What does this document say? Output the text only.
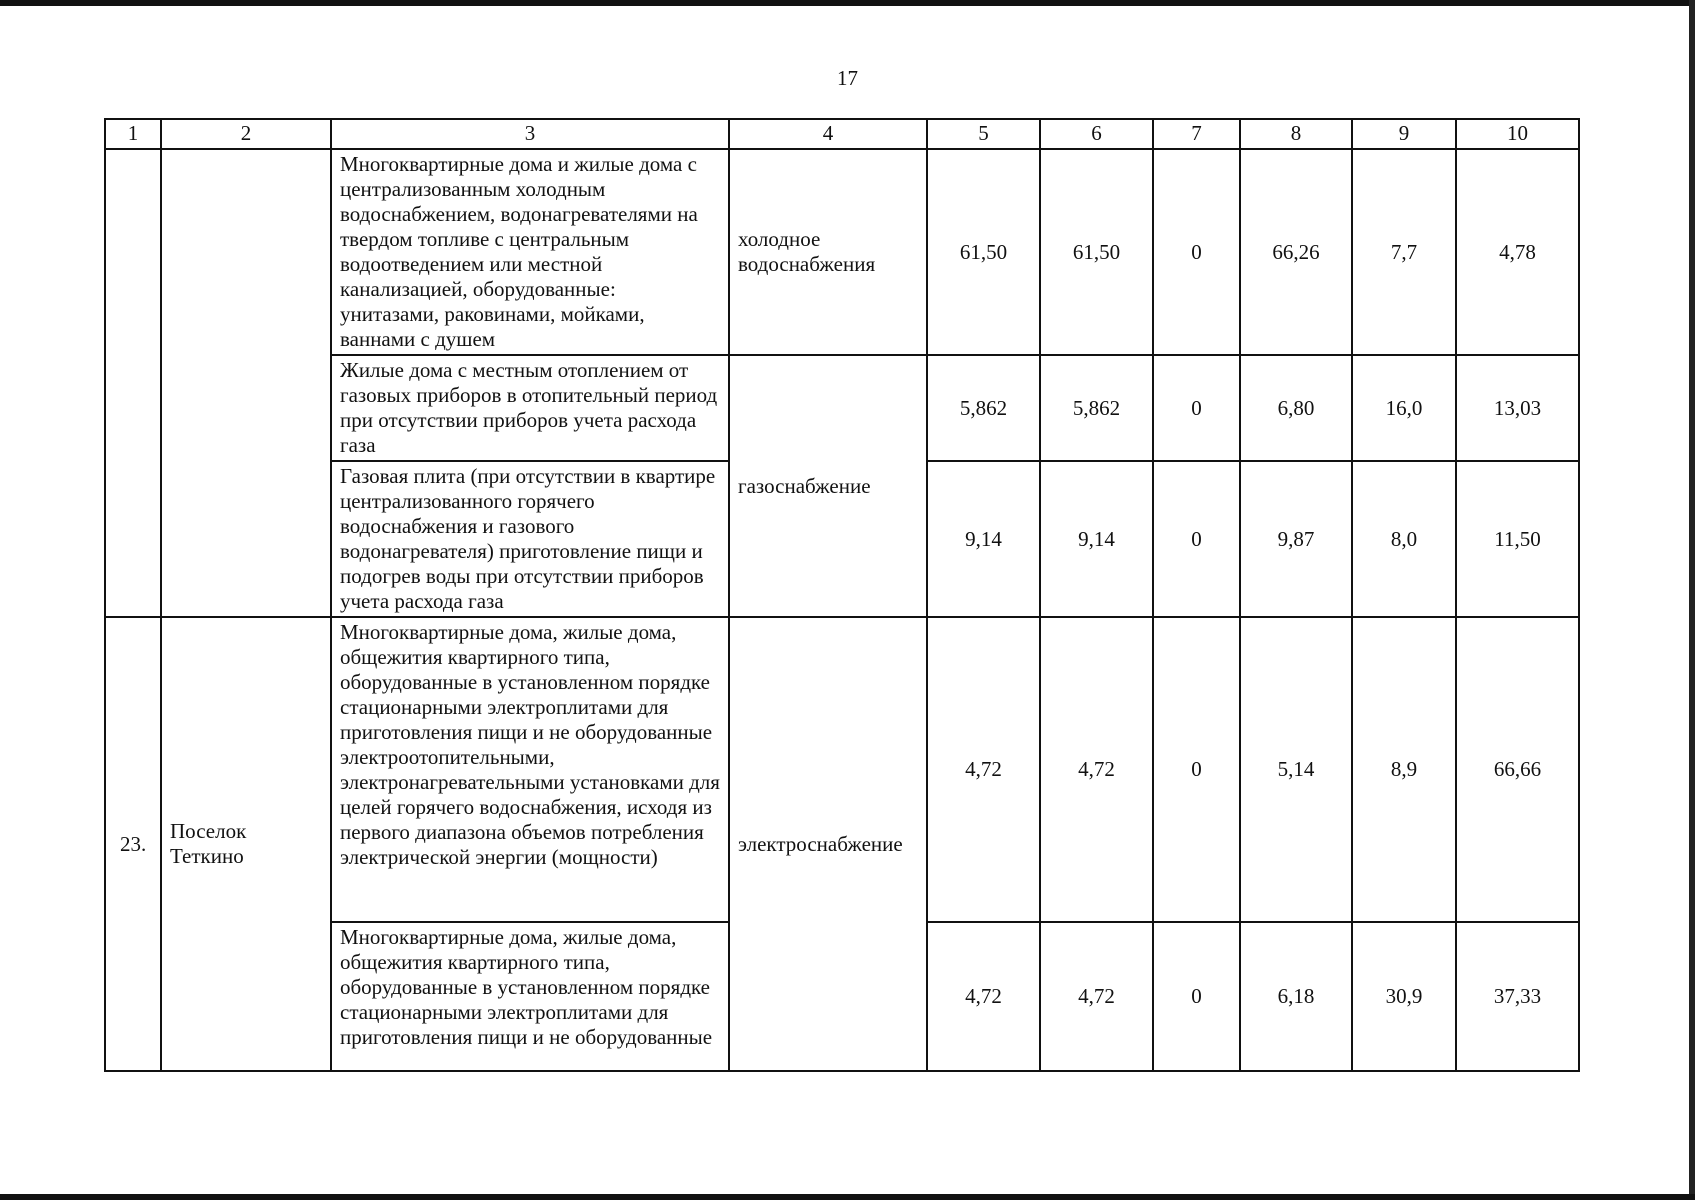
17
1	2	3	4	5	6	7	8	9	10
		Многоквартирные дома и жилые дома с централизованным холодным водоснабжением, водонагревателями на твердом топливе с центральным водоотведением или местной канализацией, оборудованные: унитазами, раковинами, мойками, ваннами с душем	холодное водоснабжения	61,50	61,50	0	66,26	7,7	4,78
		Жилые дома с местным отоплением от газовых приборов в отопительный период при отсутствии приборов учета расхода газа	газоснабжение	5,862	5,862	0	6,80	16,0	13,03
		Газовая плита (при отсутствии в квартире централизованного горячего водоснабжения и газового водонагревателя) приготовление пищи и подогрев воды при отсутствии приборов учета расхода газа		9,14	9,14	0	9,87	8,0	11,50
23.	Поселок Теткино	Многоквартирные дома, жилые дома, общежития квартирного типа, оборудованные в установленном порядке стационарными электроплитами для приготовления пищи и не оборудованные электроотопительными, электронагревательными установками для целей горячего водоснабжения, исходя из первого диапазона объемов потребления электрической энергии (мощности)	электроснабжение	4,72	4,72	0	5,14	8,9	66,66
		Многоквартирные дома, жилые дома, общежития квартирного типа, оборудованные в установленном порядке стационарными электроплитами для приготовления пищи и не оборудованные		4,72	4,72	0	6,18	30,9	37,33
